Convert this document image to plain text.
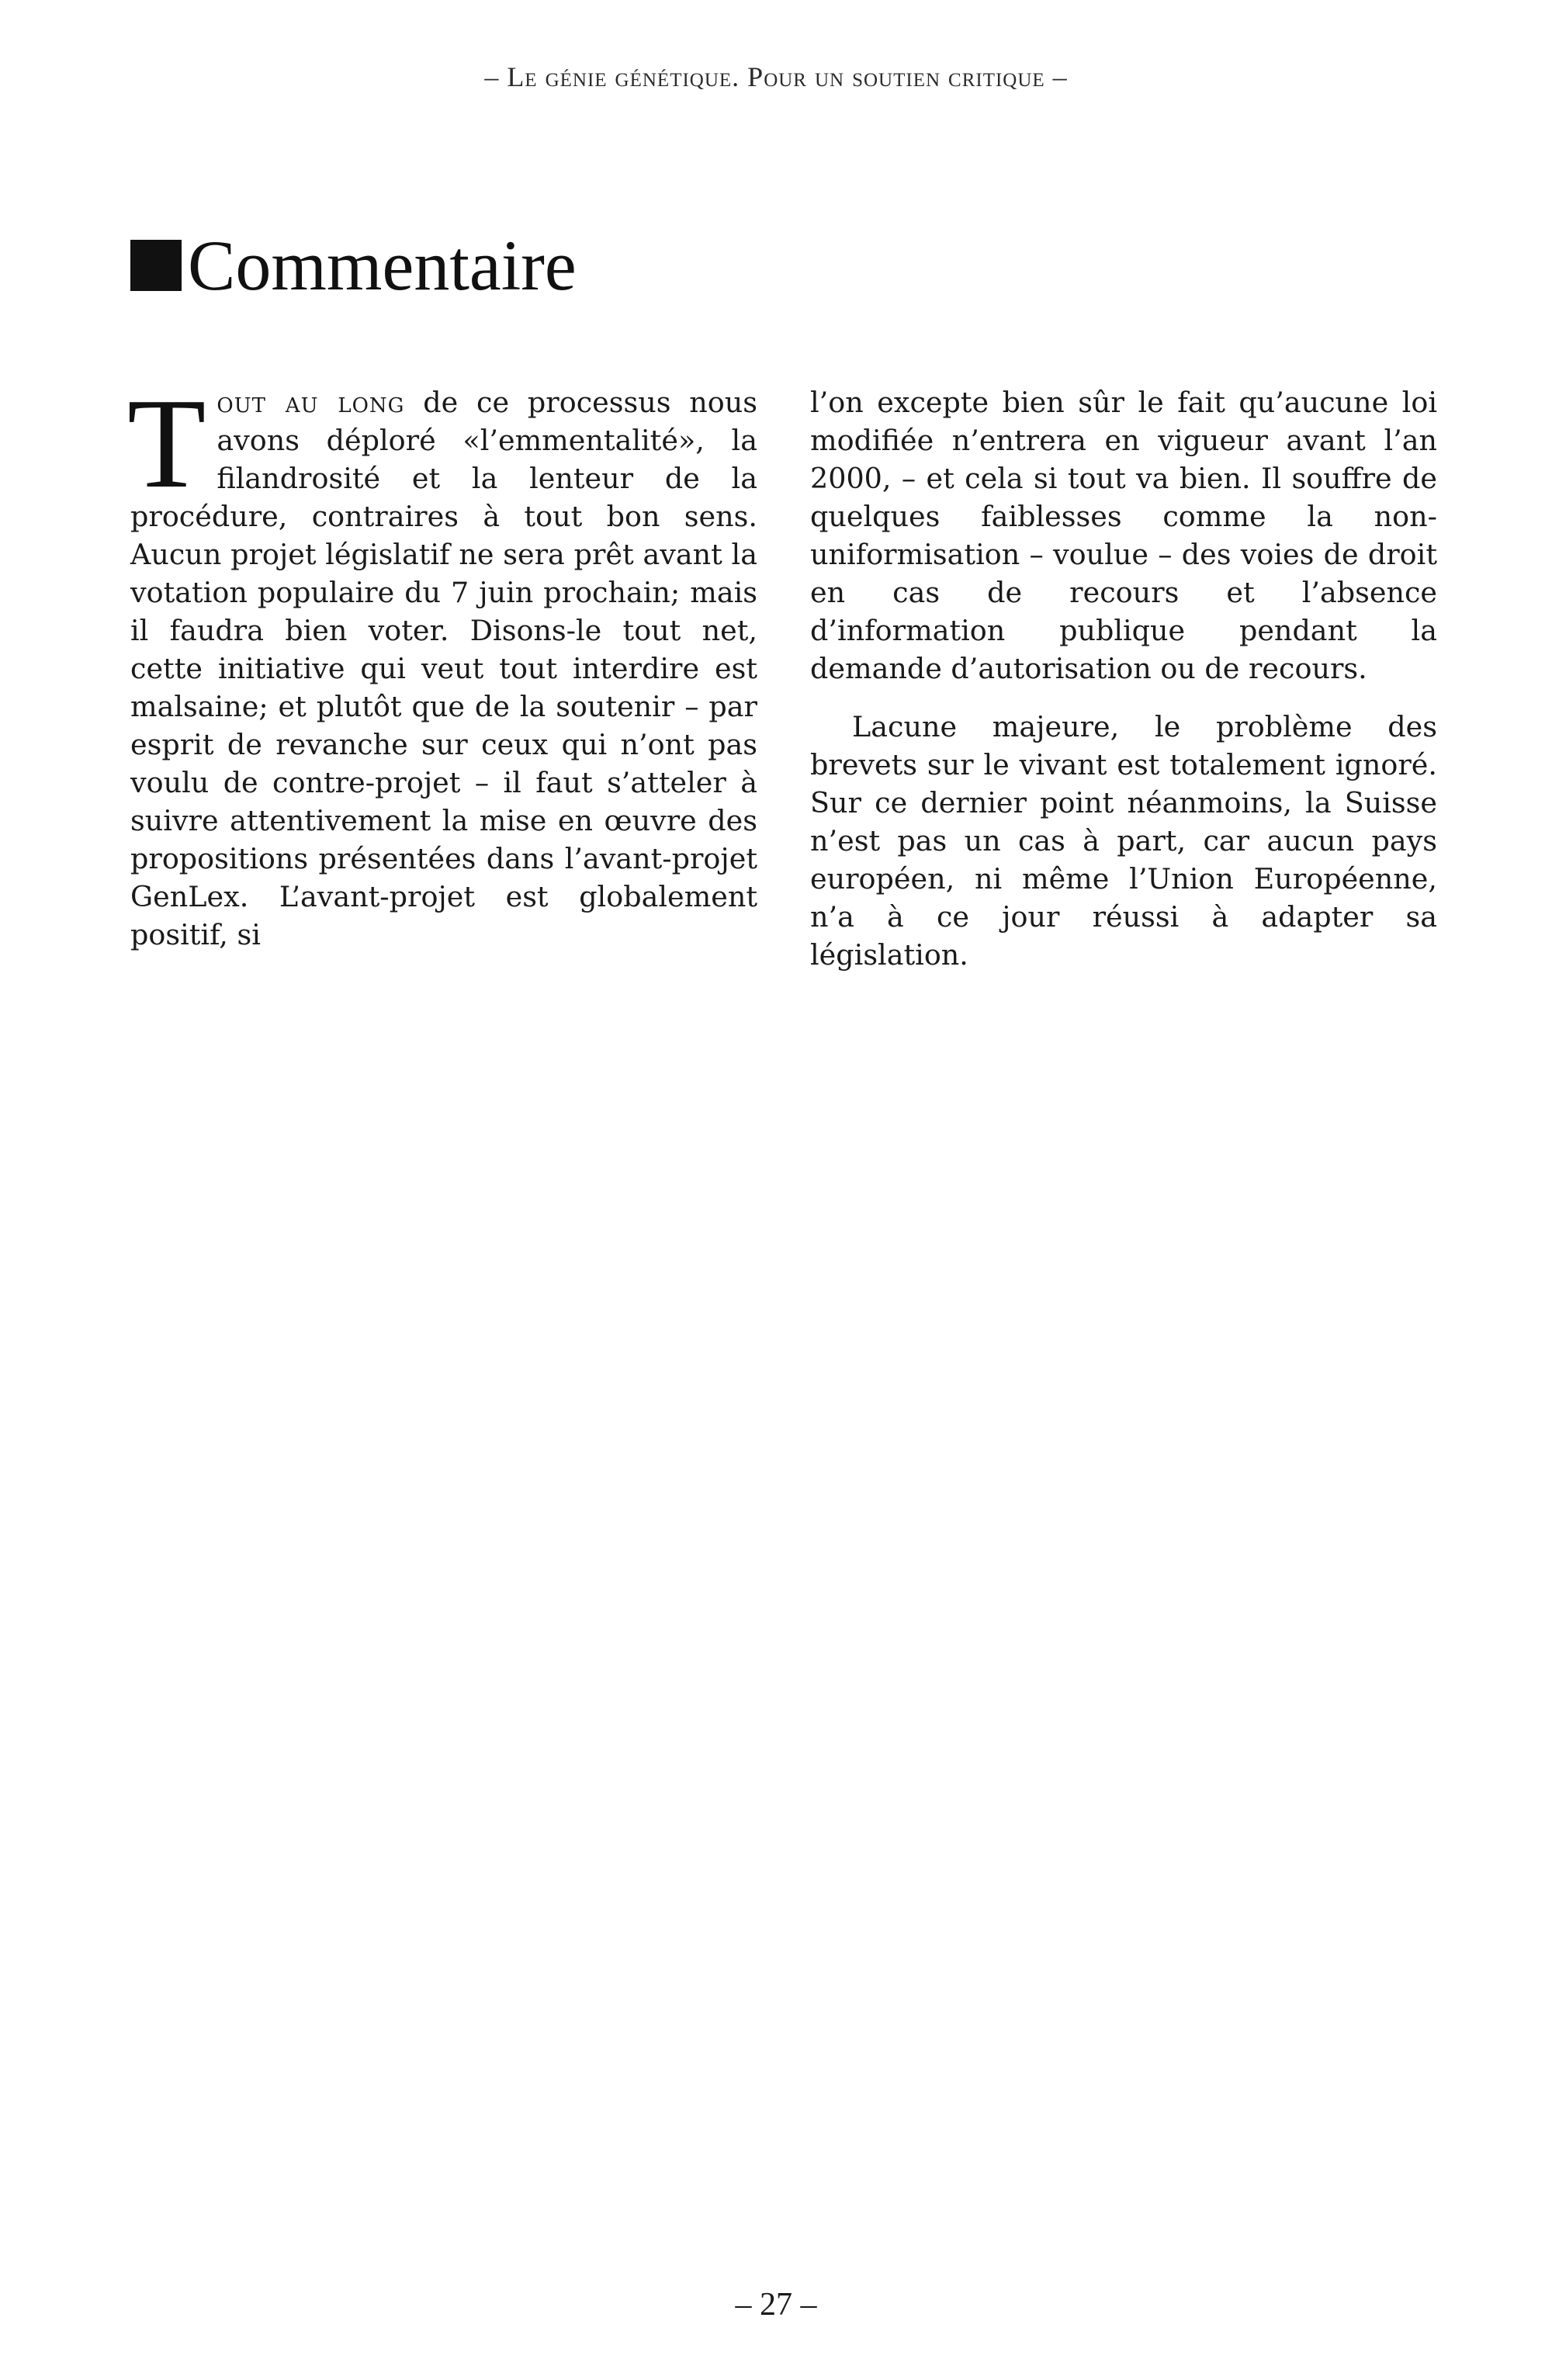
– Le génie génétique. Pour un soutien critique –
Commentaire

Tout au long de ce processus nous avons déploré «l’emmentalité», la filandrosité et la lenteur de la procédure, contraires à tout bon sens. Aucun projet législatif ne sera prêt avant la votation populaire du 7 juin prochain; mais il faudra bien voter. Disons-le tout net, cette initiative qui veut tout interdire est malsaine; et plutôt que de la soutenir – par esprit de revanche sur ceux qui n’ont pas voulu de contre-projet – il faut s’atteler à suivre attentivement la mise en œuvre des propositions présentées dans l’avant-projet GenLex. L’avant-projet est globalement positif, si

l’on excepte bien sûr le fait qu’aucune loi modifiée n’entrera en vigueur avant l’an 2000, – et cela si tout va bien. Il souffre de quelques faiblesses comme la non-uniformisation – voulue – des voies de droit en cas de recours et l’absence d’information publique pendant la demande d’autorisation ou de recours.

Lacune majeure, le problème des brevets sur le vivant est totalement ignoré. Sur ce dernier point néanmoins, la Suisse n’est pas un cas à part, car aucun pays européen, ni même l’Union Européenne, n’a à ce jour réussi à adapter sa législation.

– 27 –
